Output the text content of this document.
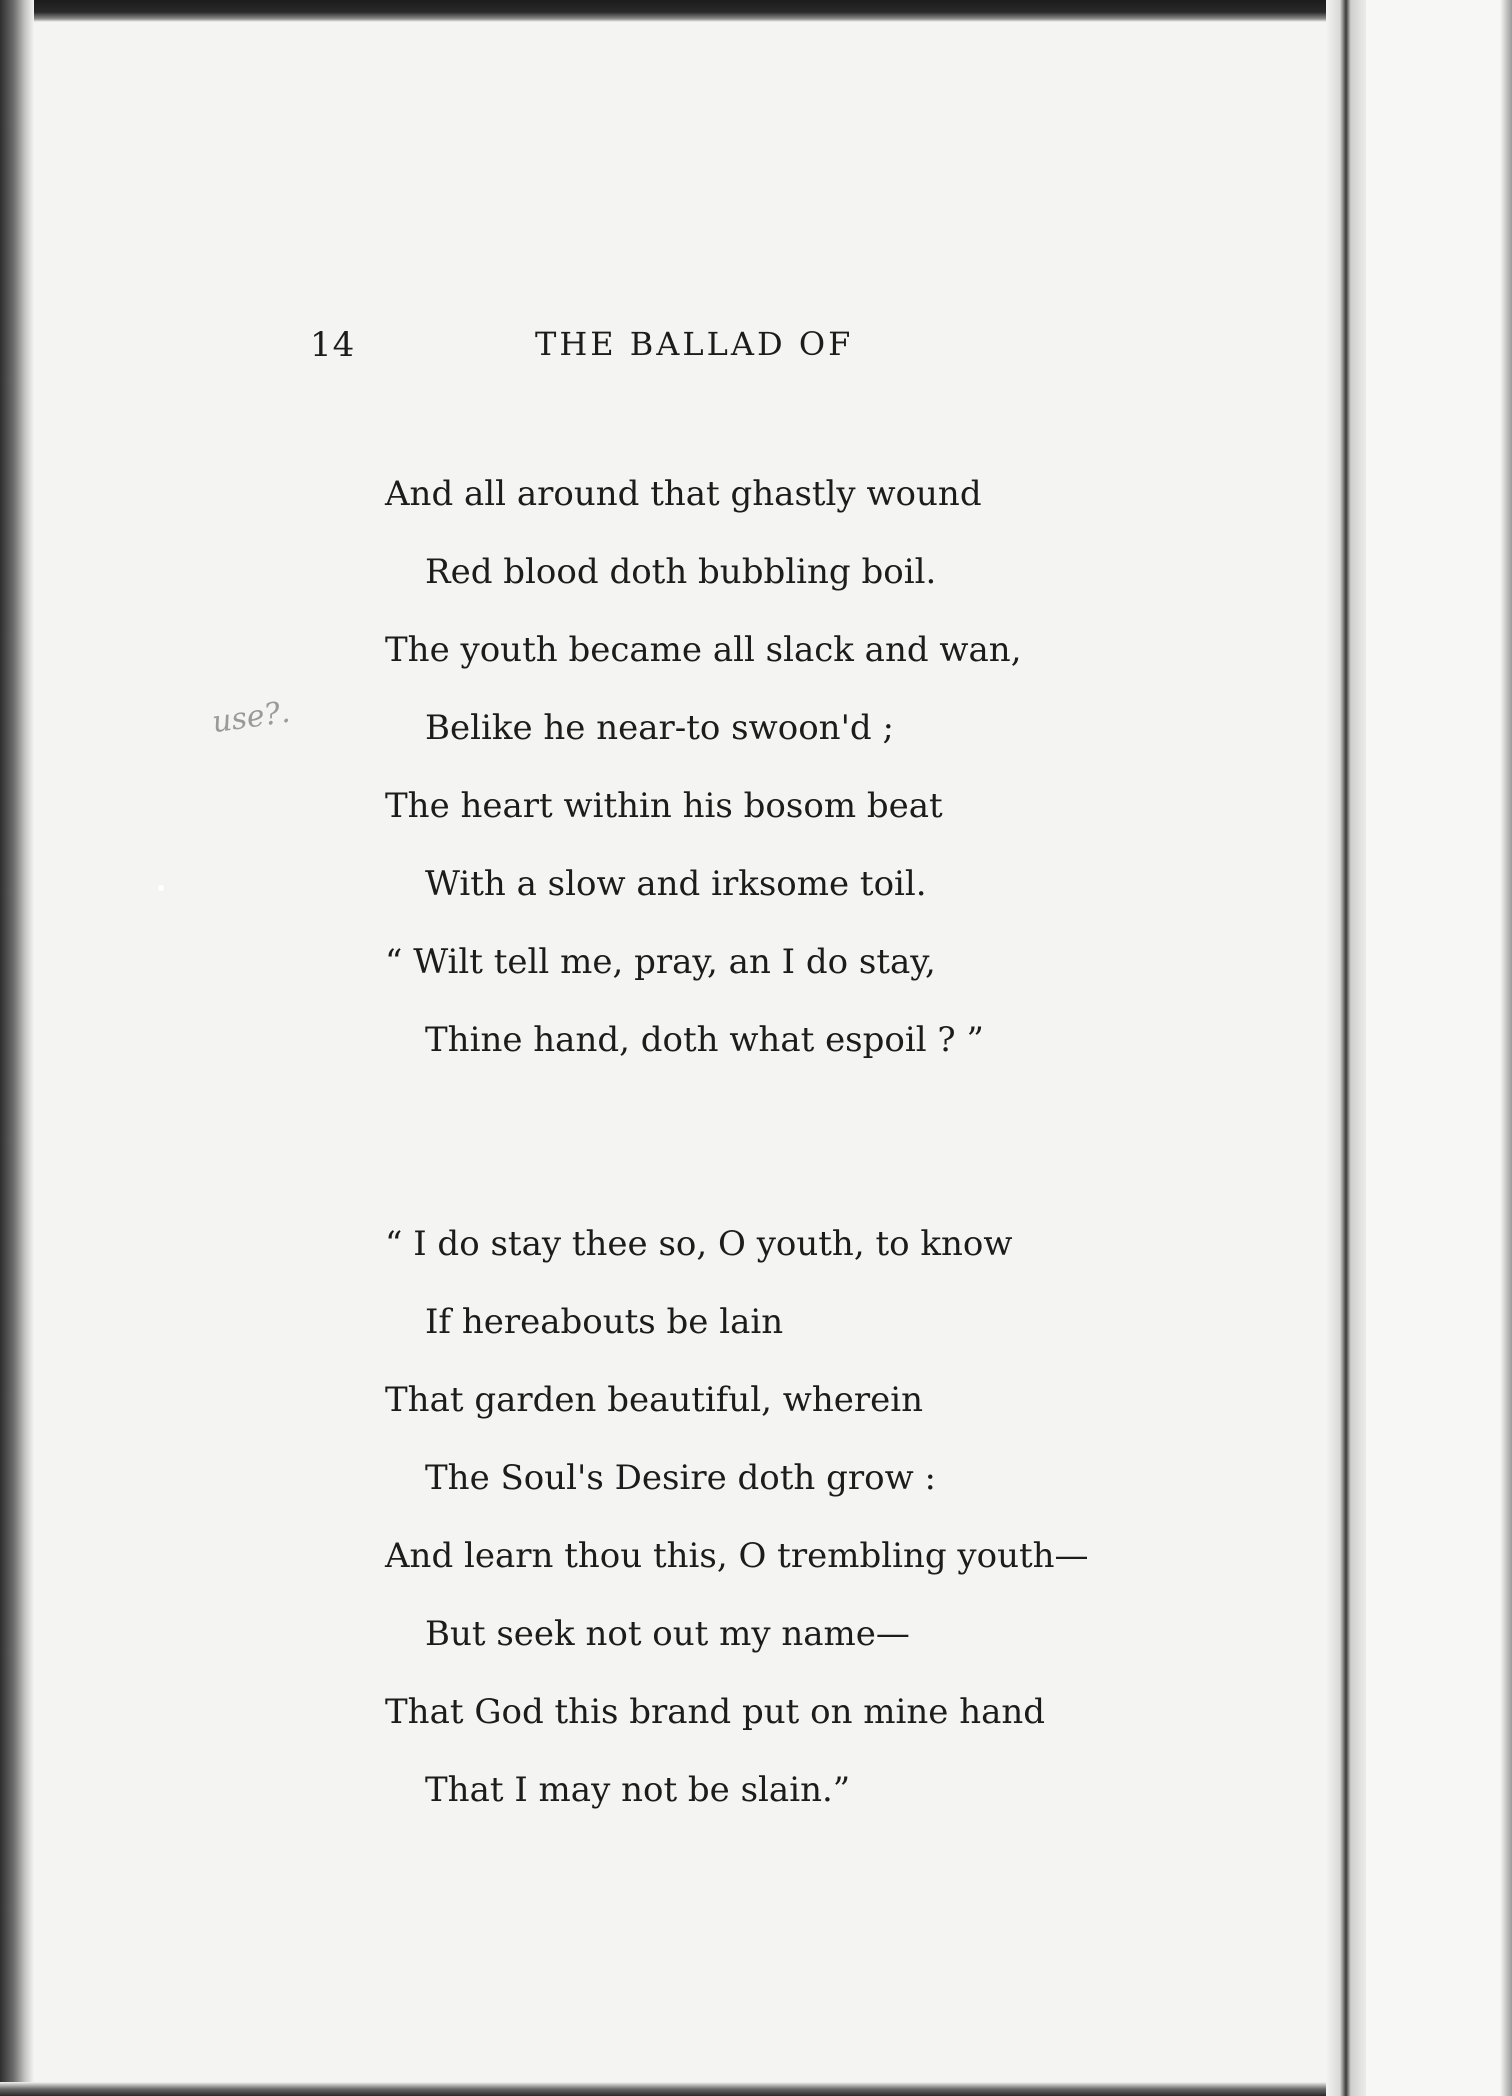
14	THE BALLAD OF
use?.
And all around that ghastly wound
Red blood doth bubbling boil.
The youth became all slack and wan,
Belike he near-to swoon'd ;
The heart within his bosom beat
With a slow and irksome toil.
“ Wilt tell me, pray, an I do stay,
Thine hand, doth what espoil ? ”
“ I do stay thee so, O youth, to know
If hereabouts be lain
That garden beautiful, wherein
The Soul's Desire doth grow :
And learn thou this, O trembling youth—
But seek not out my name—
That God this brand put on mine hand
That I may not be slain.”
